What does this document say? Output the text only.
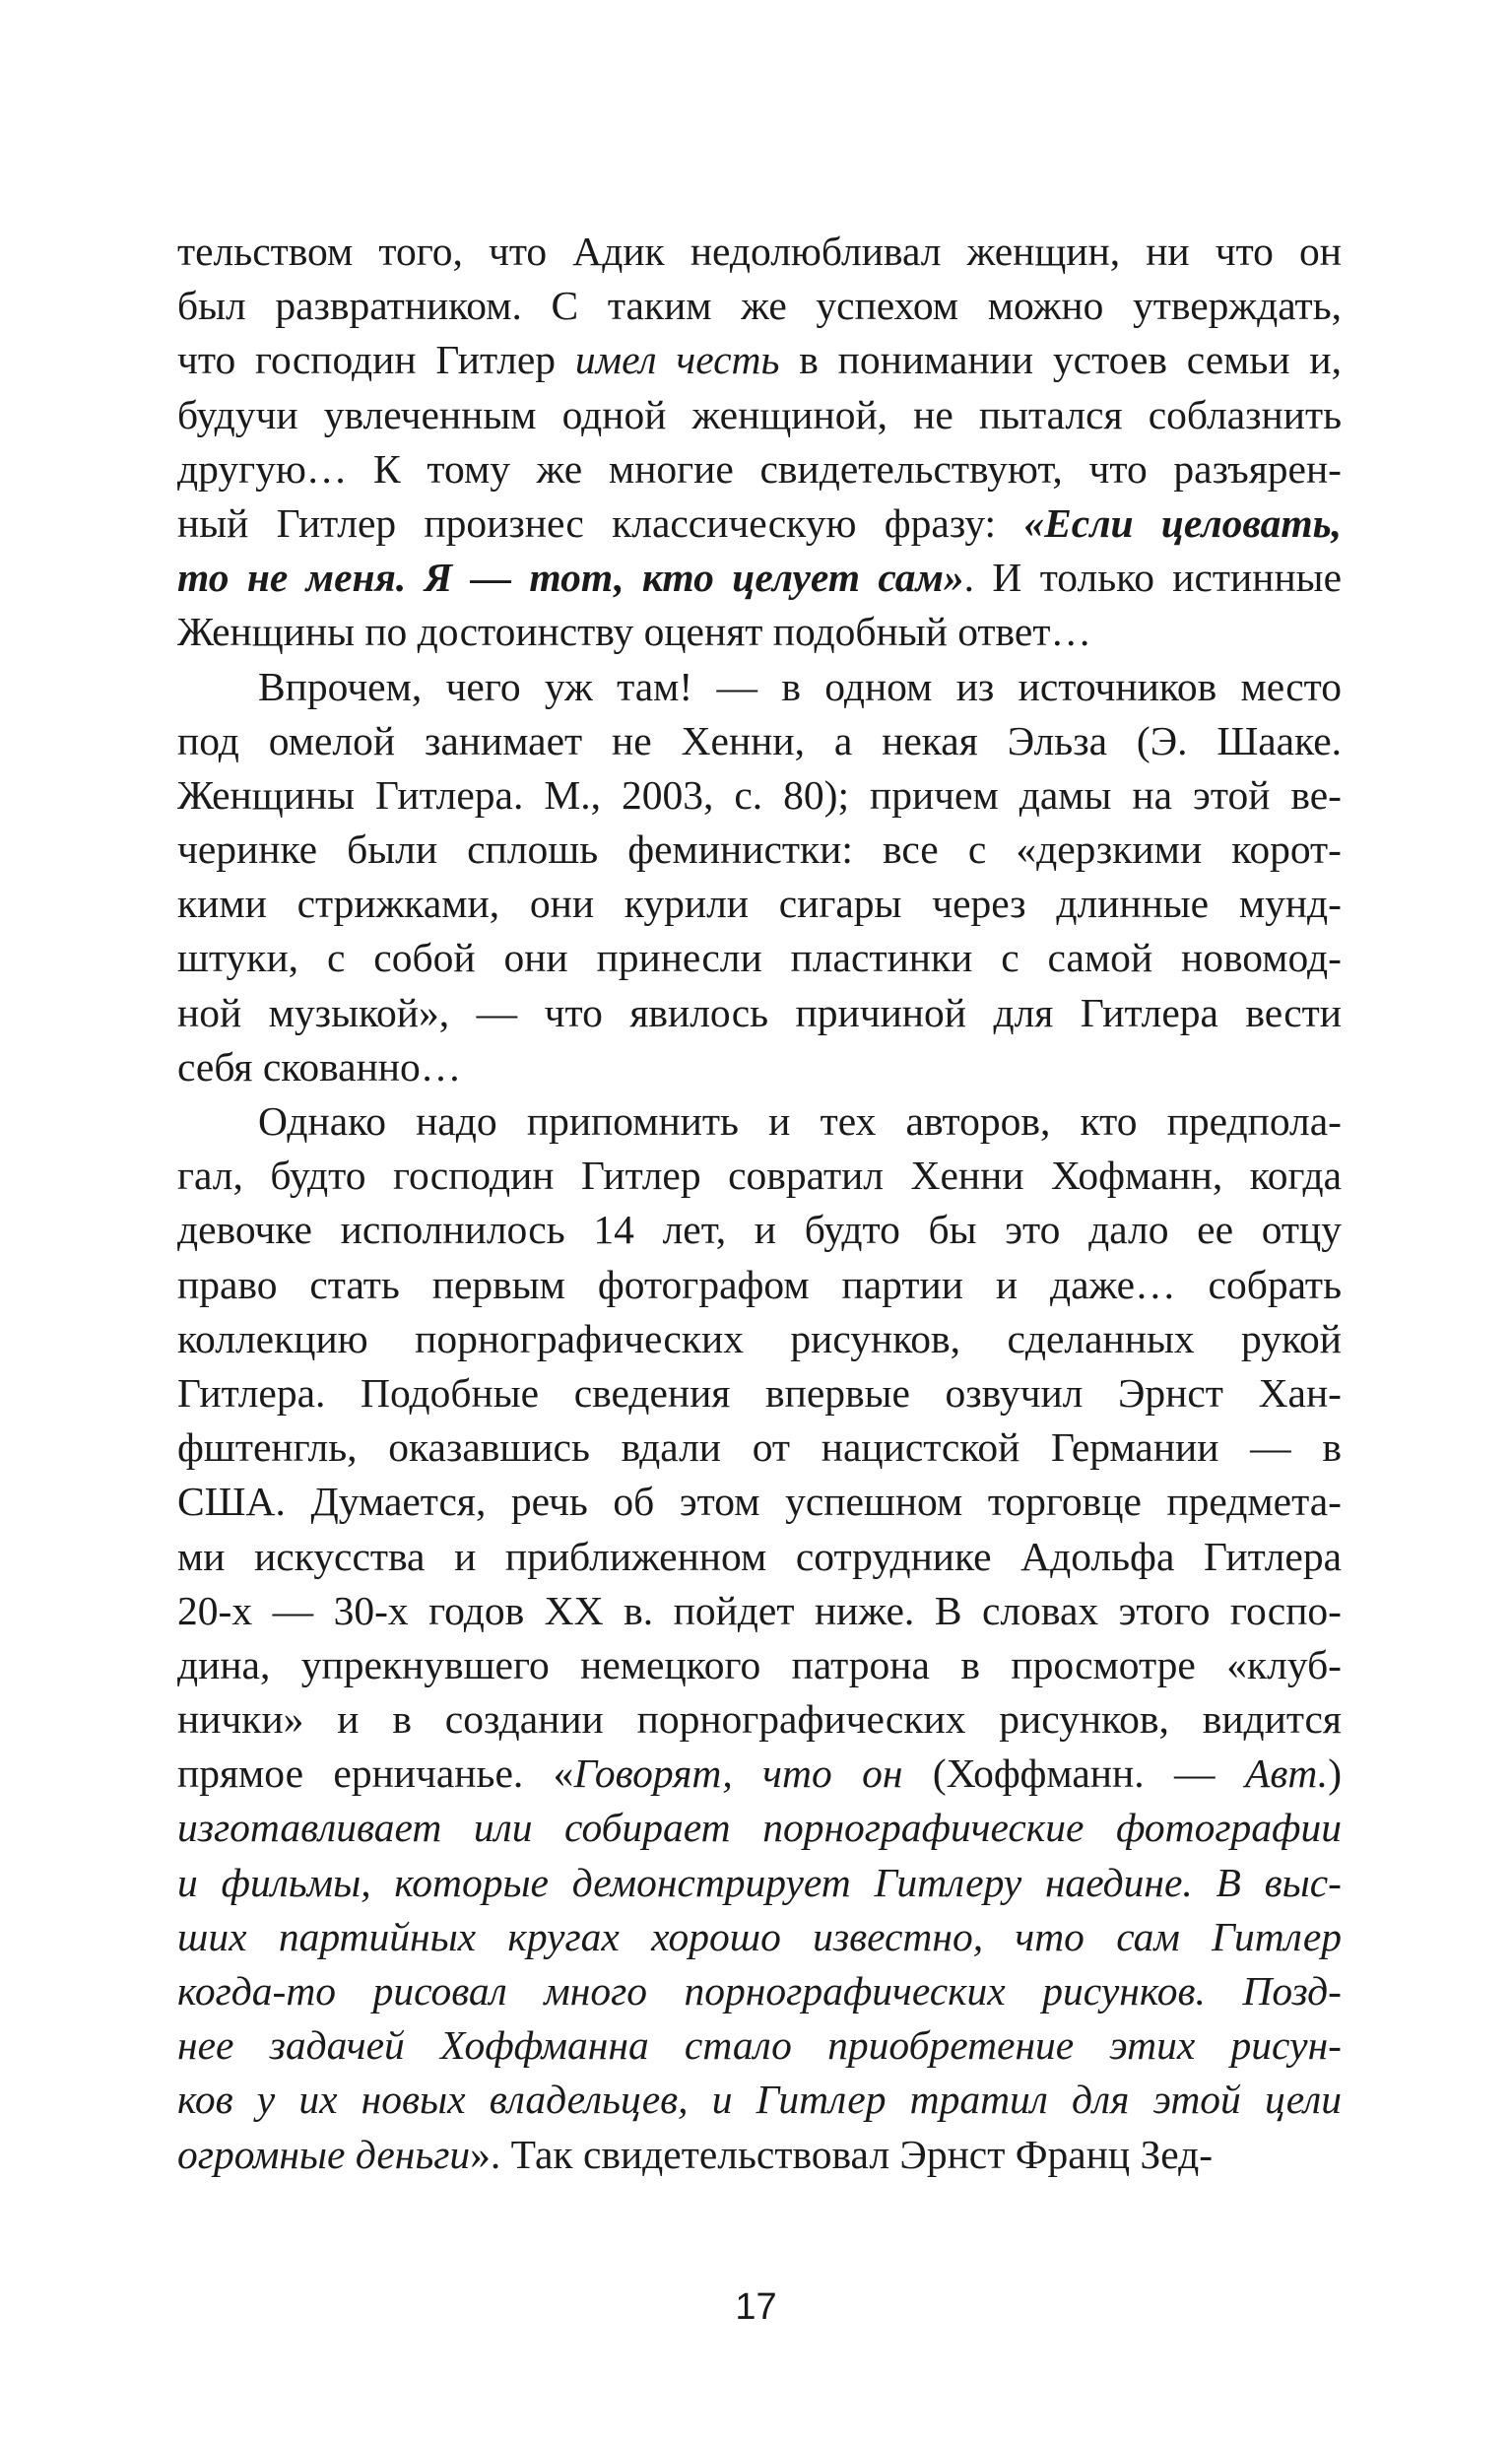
тельством того, что Адик недолюбливал женщин, ни что он
был развратником. С таким же успехом можно утверждать,
что господин Гитлер имел честь в понимании устоев семьи и,
будучи увлеченным одной женщиной, не пытался соблазнить
другую… К тому же многие свидетельствуют, что разъярен-
ный Гитлер произнес классическую фразу: «Если целовать,
то не меня. Я — тот, кто целует сам». И только истинные
Женщины по достоинству оценят подобный ответ…
Впрочем, чего уж там! — в одном из источников место
под омелой занимает не Хенни, а некая Эльза (Э. Шааке.
Женщины Гитлера. М., 2003, с. 80); причем дамы на этой ве-
черинке были сплошь феминистки: все с «дерзкими корот-
кими стрижками, они курили сигары через длинные мунд-
штуки, с собой они принесли пластинки с самой новомод-
ной музыкой», — что явилось причиной для Гитлера вести
себя скованно…
Однако надо припомнить и тех авторов, кто предпола-
гал, будто господин Гитлер совратил Хенни Хофманн, когда
девочке исполнилось 14 лет, и будто бы это дало ее отцу
право стать первым фотографом партии и даже… собрать
коллекцию порнографических рисунков, сделанных рукой
Гитлера. Подобные сведения впервые озвучил Эрнст Хан-
фштенгль, оказавшись вдали от нацистской Германии — в
США. Думается, речь об этом успешном торговце предмета-
ми искусства и приближенном сотруднике Адольфа Гитлера
20-х — 30-х годов XX в. пойдет ниже. В словах этого госпо-
дина, упрекнувшего немецкого патрона в просмотре «клуб-
нички» и в создании порнографических рисунков, видится
прямое ерничанье. «Говорят, что он (Хоффманн. — Авт.)
изготавливает или собирает порнографические фотографии
и фильмы, которые демонстрирует Гитлеру наедине. В выс-
ших партийных кругах хорошо известно, что сам Гитлер
когда-то рисовал много порнографических рисунков. Позд-
нее задачей Хоффманна стало приобретение этих рисун-
ков у их новых владельцев, и Гитлер тратил для этой цели
огромные деньги». Так свидетельствовал Эрнст Франц Зед-
17
